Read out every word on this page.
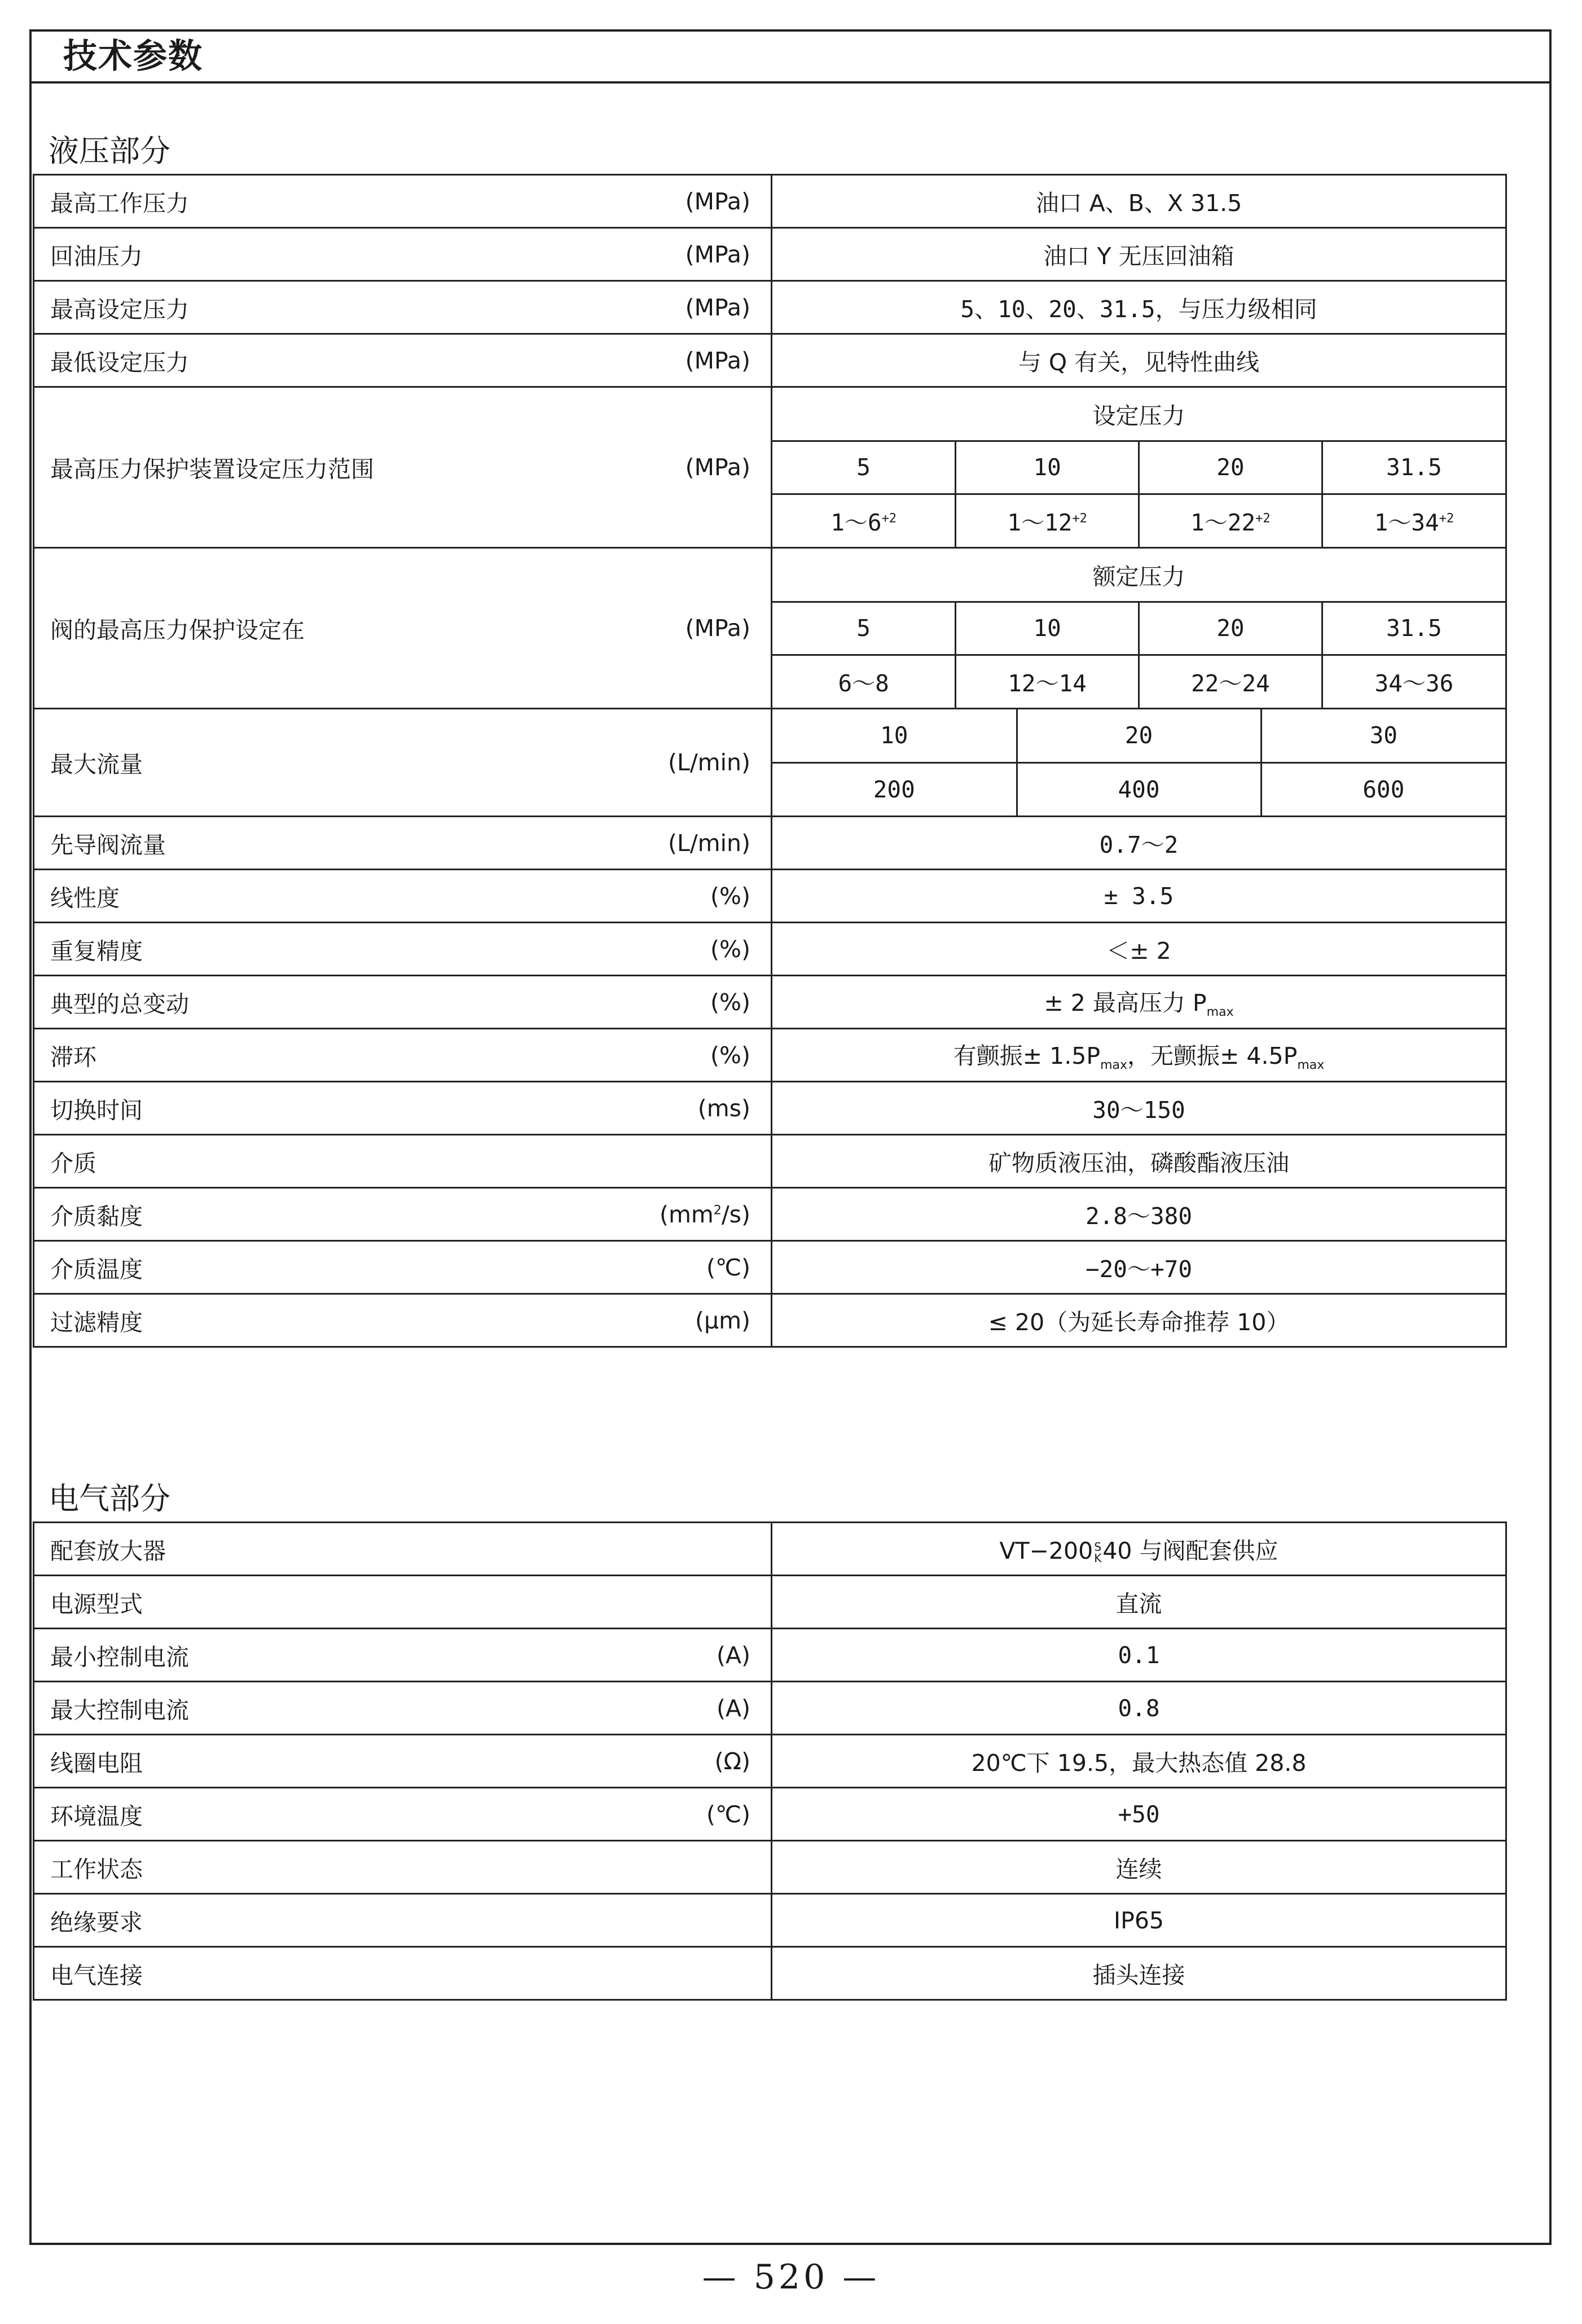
技术参数
液压部分
最高工作压力	(MPa)	油口 A、B、X 31.5

回油压力	(MPa)	油口 Y 无压回油箱

最高设定压力	(MPa)	5、10、20、31.5，与压力级相同

最低设定压力	(MPa)	与 Q 有关，见特性曲线

最高压力保护装置设定压力范围	(MPa)

设定压力
5	10	20	31.5
$1\sim 6^{+2}$	$1\sim 12^{+2}$	$1\sim 22^{+2}$	$1\sim 34^{+2}$

阀的最高压力保护设定在	(MPa)

额定压力
5	10	20	31.5
6～8	12～14	22～24	34～36

最大流量	(L/min)

10	20	30
200	400	600

先导阀流量	(L/min)	0.7～2

线性度	(%)	± 3.5

重复精度	(%)	＜± 2

典型的总变动	(%)	± 2 最高压力 $P_{max}$

滞环	(%)	有颤振± $1.5P_{max}$，无颤振± $4.5P_{max}$

切换时间	(ms)	30～150

介质	矿物质液压油，磷酸酯液压油

介质黏度	$(mm^2/s)$	2.8～380

介质温度	(℃)	−20～+70

过滤精度	(μm)	≤ 20（为延长寿命推荐 10）
电气部分
配套放大器	VT−200 S
K 40 与阀配套供应

电源型式	直流

最小控制电流 (A)	0.1

最大控制电流 (A)	0.8

线圈电阻 (Ω)	20℃下 19.5，最大热态值 28.8

环境温度 (℃)	+50

工作状态	连续

绝缘要求	IP65

电气连接	插头连接
— 520 —
